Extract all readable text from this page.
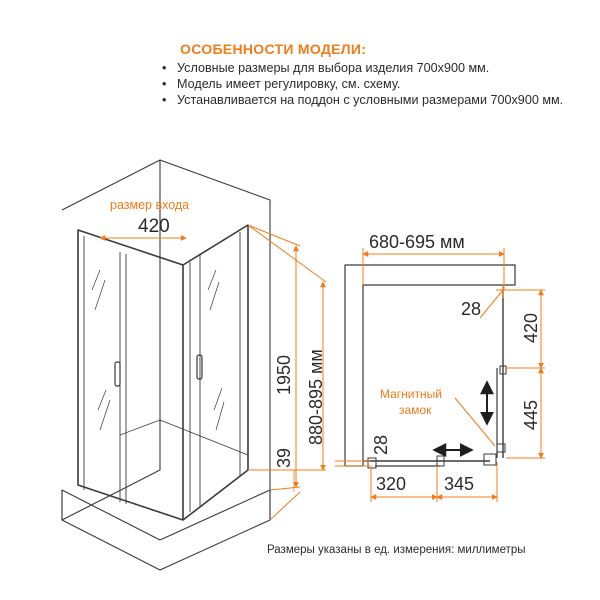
ОСОБЕННОСТИ МОДЕЛИ:
• Условные размеры для выбора изделия 700x900 мм.
• Модель имеет регулировку, см. схему.
• Устанавливается на поддон с условными размерами 700x900 мм.
размер входа
420
1950
39
880-895 мм
680-695 мм
28
420
445
Магнитный
замок
28
320 345
Размеры указаны в ед. измерения: миллиметры
